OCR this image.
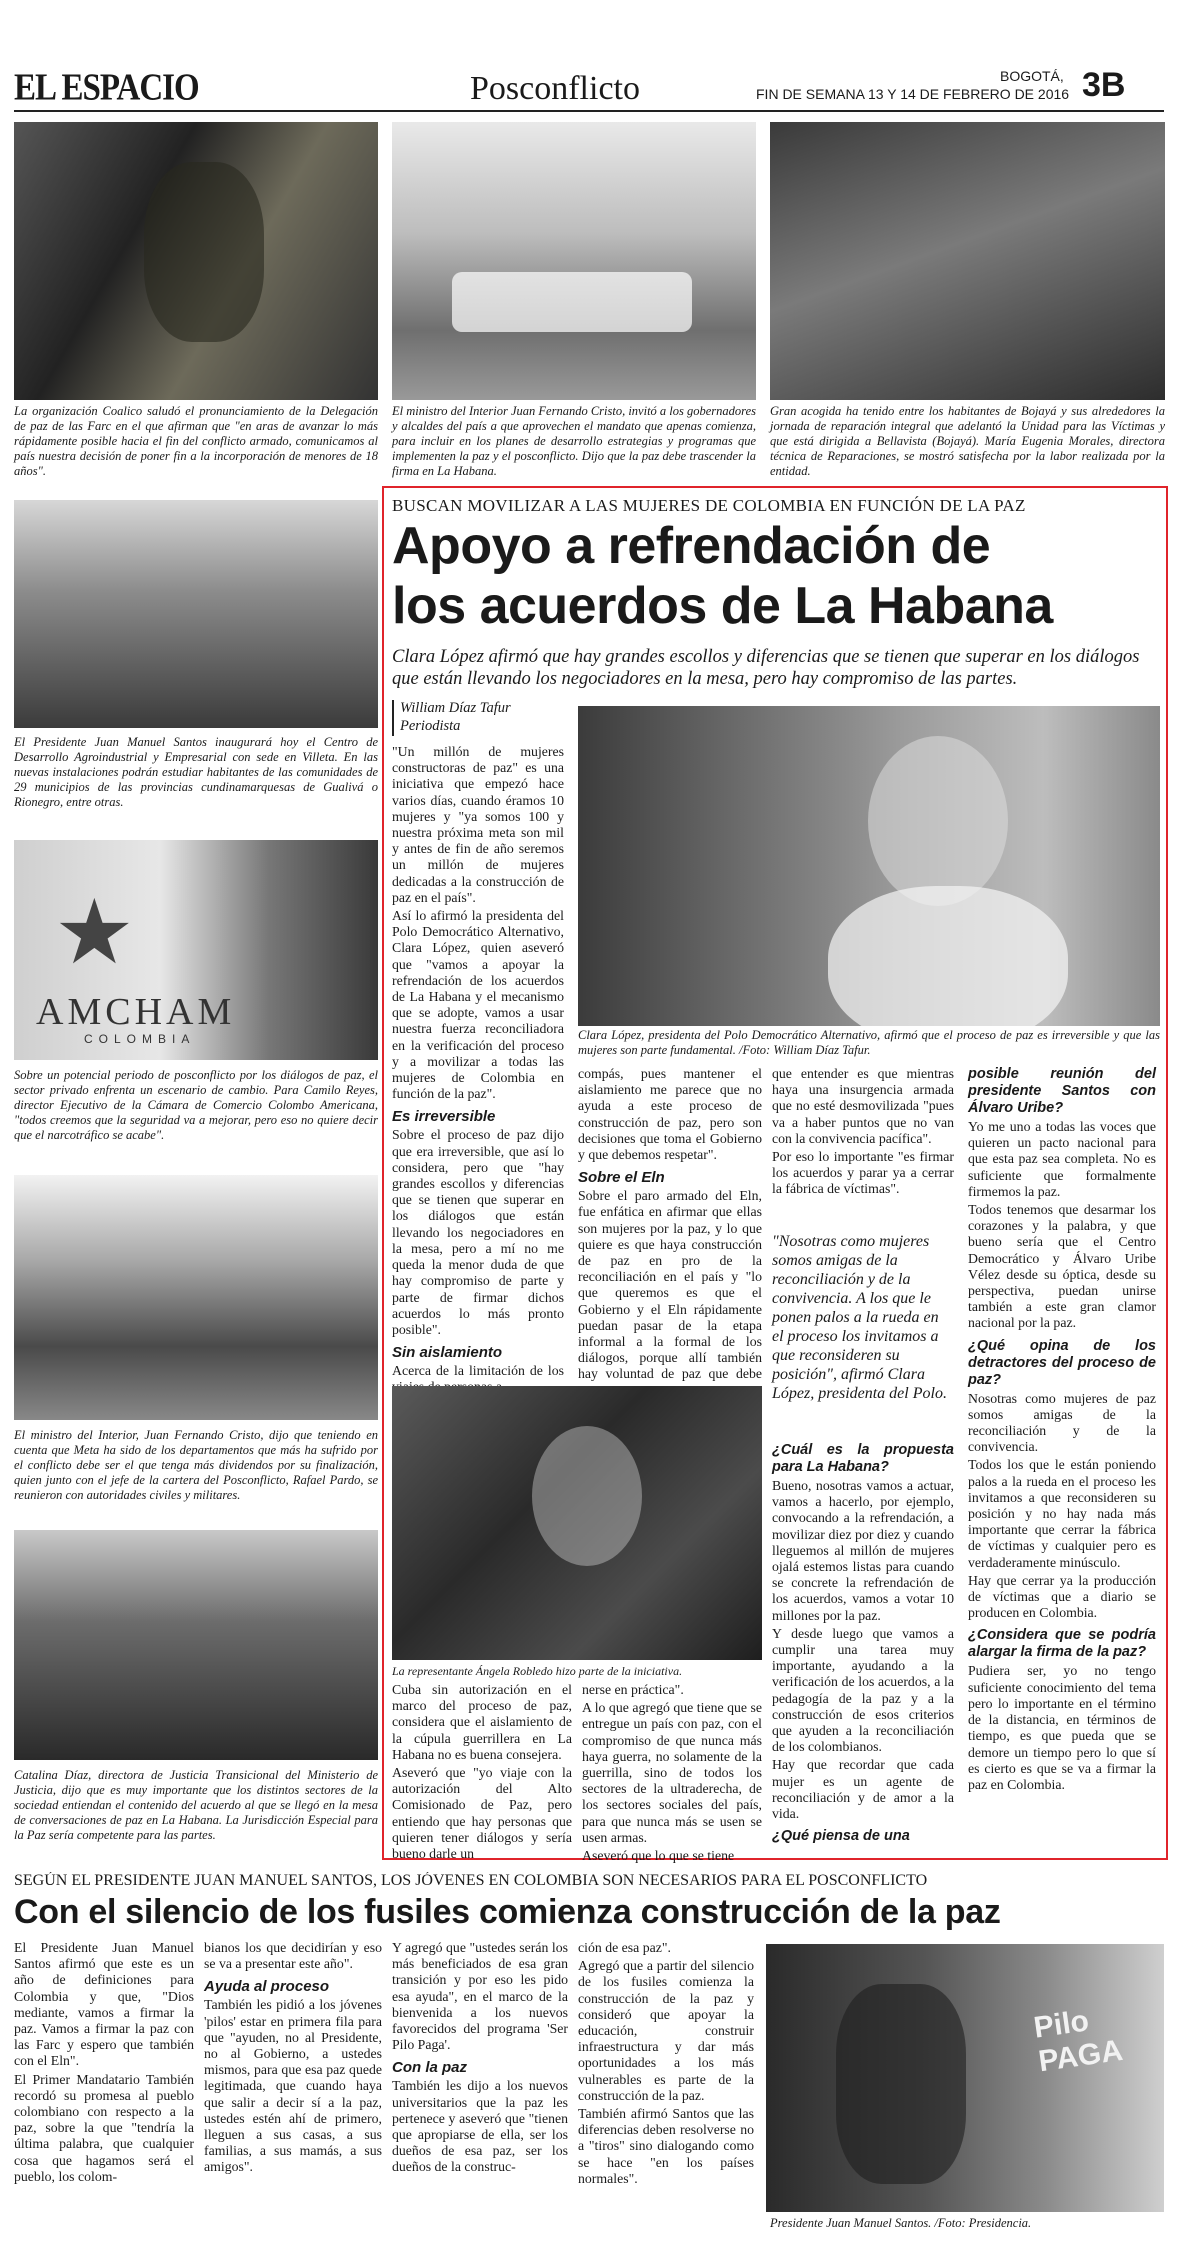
EL ESPACIO	Posconflicto	BOGOTÁ,
FIN DE SEMANA 13 Y 14 DE FEBRERO DE 2016 3B
La organización Coalico saludó el pronunciamiento de la Delegación de paz de las Farc en el que afirman que "en aras de avanzar lo más rápidamente posible hacia el fin del conflicto armado, comunicamos al país nuestra decisión de poner fin a la incorporación de menores de 18 años".
El ministro del Interior Juan Fernando Cristo, invitó a los gobernadores y alcaldes del país a que aprovechen el mandato que apenas comienza, para incluir en los planes de desarrollo estrategias y programas que implementen la paz y el posconflicto. Dijo que la paz debe trascender la firma en La Habana.
Gran acogida ha tenido entre los habitantes de Bojayá y sus alrededores la jornada de reparación integral que adelantó la Unidad para las Víctimas y que está dirigida a Bellavista (Bojayá). María Eugenia Morales, directora técnica de Reparaciones, se mostró satisfecha por la labor realizada por la entidad.
El Presidente Juan Manuel Santos inaugurará hoy el Centro de Desarrollo Agroindustrial y Empresarial con sede en Villeta. En las nuevas instalaciones podrán estudiar habitantes de las comunidades de 29 municipios de las provincias cundinamarquesas de Gualivá o Rionegro, entre otras.
★
AMCHAM
COLOMBIA
Sobre un potencial periodo de posconflicto por los diálogos de paz, el sector privado enfrenta un escenario de cambio. Para Camilo Reyes, director Ejecutivo de la Cámara de Comercio Colombo Americana, "todos creemos que la seguridad va a mejorar, pero eso no quiere decir que el narcotráfico se acabe".
El ministro del Interior, Juan Fernando Cristo, dijo que teniendo en cuenta que Meta ha sido de los departamentos que más ha sufrido por el conflicto debe ser el que tenga más dividendos por su finalización, quien junto con el jefe de la cartera del Posconflicto, Rafael Pardo, se reunieron con autoridades civiles y militares.
Catalina Díaz, directora de Justicia Transicional del Ministerio de Justicia, dijo que es muy importante que los distintos sectores de la sociedad entiendan el contenido del acuerdo al que se llegó en la mesa de conversaciones de paz en La Habana. La Jurisdicción Especial para la Paz sería competente para las partes.
BUSCAN MOVILIZAR A LAS MUJERES DE COLOMBIA EN FUNCIÓN DE LA PAZ
Apoyo a refrendación de
los acuerdos de La Habana
Clara López afirmó que hay grandes escollos y diferencias que se tienen que superar en los diálogos que están llevando los negociadores en la mesa, pero hay compromiso de las partes.
William Díaz Tafur
Periodista

"Un millón de mujeres constructoras de paz" es una iniciativa que empezó hace varios días, cuando éramos 10 mujeres y "ya somos 100 y nuestra próxima meta son mil y antes de fin de año seremos un millón de mujeres dedicadas a la construcción de paz en el país".

Así lo afirmó la presidenta del Polo Democrático Alternativo, Clara López, quien aseveró que "vamos a apoyar la refrendación de los acuerdos de La Habana y el mecanismo que se adopte, vamos a usar nuestra fuerza reconciliadora en la verificación del proceso y a movilizar a todas las mujeres de Colombia en función de la paz".

Es irreversible

Sobre el proceso de paz dijo que era irreversible, que así lo considera, pero que "hay grandes escollos y diferencias que se tienen que superar en los diálogos que están llevando los negociadores en la mesa, pero a mí no me queda la menor duda de que hay compromiso de parte y parte de firmar dichos acuerdos lo más pronto posible".

Sin aislamiento

Acerca de la limitación de los

Clara López, presidenta del Polo Democrático Alternativo, afirmó que el proceso de paz es irreversible y que las mujeres son parte fundamental. /Foto: William Díaz Tafur.

compás, pues mantener el aislamiento me parece que no ayuda a este proceso de construcción de paz, pero son decisiones que toma el Gobierno y que debemos respetar".

Sobre el Eln

Sobre el paro armado del Eln, fue enfática en afirmar que ellas son mujeres por la paz, y lo que quiere es que haya construcción de paz en pro de la reconciliación en el país y "lo que queremos es que el Gobierno y el Eln rápidamente puedan pasar de la etapa informal a la formal de los diálogos, porque allí también hay voluntad de paz que debe

que entender es que mientras haya una insurgencia armada que no esté desmovilizada "pues va a haber puntos que no van con la convivencia pacífica".

Por eso lo importante "es firmar los acuerdos y parar ya a cerrar la fábrica de víctimas".

"Nosotras como mujeres somos amigas de la reconciliación y de la convivencia. A los que le ponen palos a la rueda en el proceso los invitamos a que reconsideren su posición", afirmó Clara López, presidenta del Polo.
posible reunión del presidente Santos con Álvaro Uribe?

Yo me uno a todas las voces que quieren un pacto nacional para que esta paz sea completa. No es suficiente que formalmente firmemos la paz.

Todos tenemos que desarmar los corazones y la palabra, y que bueno sería que el Centro Democrático y Álvaro Uribe Vélez desde su óptica, desde su perspectiva, puedan unirse también a este gran clamor nacional por la paz.

¿Qué opina de los detractores del proceso de paz?

Nosotras como mujeres de paz somos amigas de la reconciliación y de la convivencia.

Todos los que le están poniendo palos a la rueda en el proceso les invitamos a que reconsideren su posición y no hay nada más importante que cerrar la fábrica de víctimas y cualquier pero es verdaderamente minúsculo.

Hay que cerrar ya la producción de víctimas que a diario se producen en Colombia.

¿Considera que se podría alargar la firma de la paz?

Pudiera ser, yo no tengo suficiente conocimiento del tema pero lo importante en el término de la distancia, en términos de tiempo, es que pueda que se demore un tiempo pero lo que sí es cierto es que se va a firmar la paz en Colombia.

La representante Ángela Robledo hizo parte de la iniciativa.

Cuba sin autorización en el marco del proceso de paz, considera que el aislamiento de la cúpula guerrillera en La Habana no es buena consejera.

Aseveró que "yo viaje con la autorización del Alto Comisionado de Paz, pero entiendo que hay personas que quieren tener diálogos y sería bueno darle un

nerse en práctica".

A lo que agregó que tiene que se entregue un país con paz, con el compromiso de que nunca más haya guerra, no solamente de la guerrilla, sino de todos los sectores de la ultraderecha, de los sectores sociales del país, para que nunca más se usen se usen armas.

Aseveró que lo que se tiene

¿Cuál es la propuesta para La Habana?

Bueno, nosotras vamos a actuar, vamos a hacerlo, por ejemplo, convocando a la refrendación, a movilizar diez por diez y cuando lleguemos al millón de mujeres ojalá estemos listas para cuando se concrete la refrendación de los acuerdos, vamos a votar 10 millones por la paz.

Y desde luego que vamos a cumplir una tarea muy importante, ayudando a la verificación de los acuerdos, a la pedagogía de la paz y a la construcción de esos criterios que ayuden a la reconciliación de los colombianos.

Hay que recordar que cada mujer es un agente de reconciliación y de amor a la vida.

¿Qué piensa de una
SEGÚN EL PRESIDENTE JUAN MANUEL SANTOS, LOS JÓVENES EN COLOMBIA SON NECESARIOS PARA EL POSCONFLICTO
Con el silencio de los fusiles comienza construcción de la paz

El Presidente Juan Manuel Santos afirmó que este es un año de definiciones para Colombia y que, "Dios mediante, vamos a firmar la paz. Vamos a firmar la paz con las Farc y espero que también con el Eln".

El Primer Mandatario También recordó su promesa al pueblo colombiano con respecto a la paz, sobre la que "tendría la última palabra, que cualquier cosa que hagamos será el pueblo, los colom-

bianos los que decidirían y eso se va a presentar este año".

Ayuda al proceso

También les pidió a los jóvenes 'pilos' estar en primera fila para que "ayuden, no al Presidente, no al Gobierno, a ustedes mismos, para que esa paz quede legitimada, que cuando haya que salir a decir sí a la paz, ustedes estén ahí de primero, lleguen a sus casas, a sus familias, a sus mamás, a sus amigos".

Y agregó que "ustedes serán los más beneficiados de esa gran transición y por eso les pido esa ayuda", en el marco de la bienvenida a los nuevos favorecidos del programa 'Ser Pilo Paga'.

Con la paz

También les dijo a los nuevos universitarios que la paz les pertenece y aseveró que "tienen que apropiarse de ella, ser los dueños de esa paz, ser los dueños de la construc-

ción de esa paz".

Agregó que a partir del silencio de los fusiles comienza la construcción de la paz y consideró que apoyar la educación, construir infraestructura y dar más oportunidades a los más vulnerables es parte de la construcción de la paz.

También afirmó Santos que las diferencias deben resolverse no a "tiros" sino dialogando como se hace "en los países normales".

Pilo PAGA
Presidente Juan Manuel Santos. /Foto: Presidencia.
